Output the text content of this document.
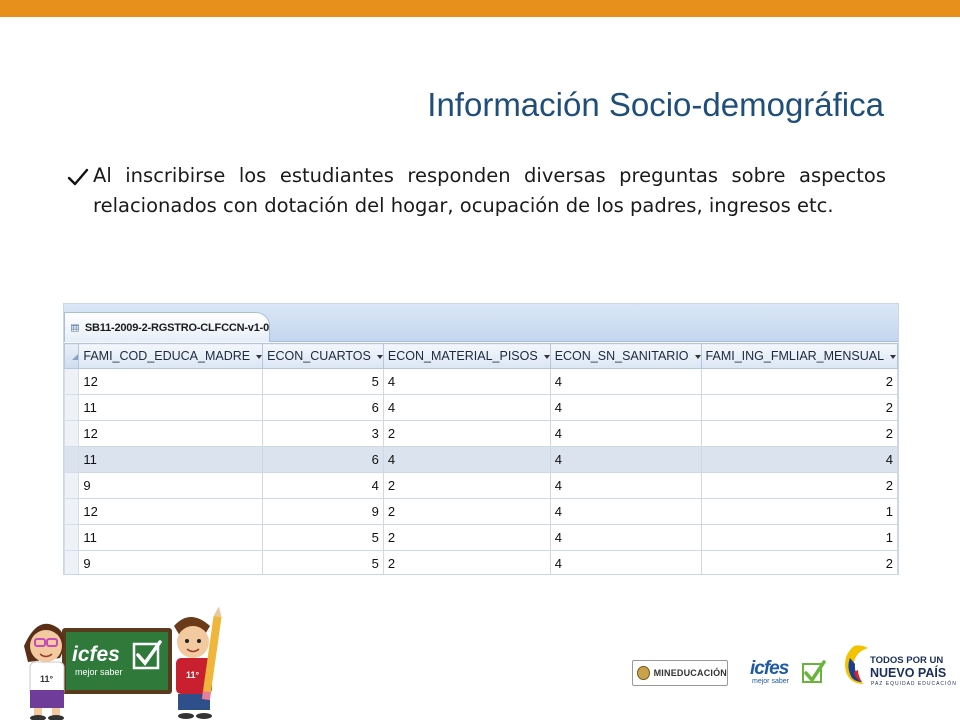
Información Socio-demográfica

Al inscribirse los estudiantes responden diversas preguntas sobre aspectos relacionados con dotación del hogar, ocupación de los padres, ingresos etc.

SB11-2009-2-RGSTRO-CLFCCN-v1-0
	FAMI_COD_EDUCA_MADRE	ECON_CUARTOS	ECON_MATERIAL_PISOS	ECON_SN_SANITARIO	FAMI_ING_FMLIAR_MENSUAL
	12	5	4	4	2
	11	6	4	4	2
	12	3	2	4	2
	11	6	4	4	4
	9	4	2	4	2
	12	9	2	4	1
	11	5	2	4	1
	9	5	2	4	2
icfes
mejor saber
11°	11°	MINEDUCACIÓN icfes
mejor saber
TODOS POR UN
NUEVO PAÍS
PAZ EQUIDAD EDUCACIÓN
